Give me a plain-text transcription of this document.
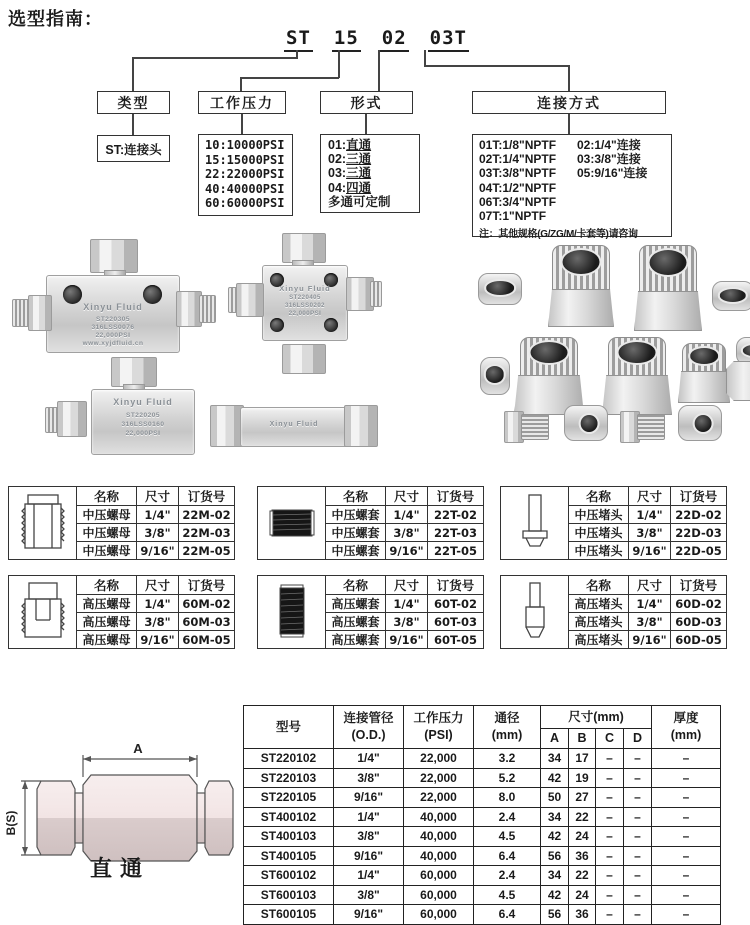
选型指南：
ST 15 02 03T
类型	工作压力	形式	连接方式
ST:连接头	10:10000PSI
15:15000PSI
22:22000PSI
40:40000PSI
60:60000PSI
01:直通
02:三通
03:三通
04:四通
多通可定制
01T:1/8"NPTF
02T:1/4"NPTF
03T:3/8"NPTF
04T:1/2"NPTF
06T:3/4"NPTF
07T:1"NPTF
02:1/4"连接
03:3/8"连接
05:9/16"连接
注：其他规格(G/ZG/M/卡套等)请咨询
Xinyu Fluid
ST220305
316LSS0076
22,000PSI
www.xyjdfluid.cn
Xinyu Fluid
ST220405
316LSS0202
22,000PSI
Xinyu Fluid
ST220205
316LSS0160
22,000PSI
Xinyu Fluid
	名称	尺寸	订货号
	中压螺母	1/4"	22M-02
	中压螺母	3/8"	22M-03
	中压螺母	9/16"	22M-05
	名称	尺寸	订货号
	中压螺套	1/4"	22T-02
	中压螺套	3/8"	22T-03
	中压螺套	9/16"	22T-05
	名称	尺寸	订货号
	中压堵头	1/4"	22D-02
	中压堵头	3/8"	22D-03
	中压堵头	9/16"	22D-05
	名称	尺寸	订货号
	高压螺母	1/4"	60M-02
	高压螺母	3/8"	60M-03
	高压螺母	9/16"	60M-05
	名称	尺寸	订货号
	高压螺套	1/4"	60T-02
	高压螺套	3/8"	60T-03
	高压螺套	9/16"	60T-05
	名称	尺寸	订货号
	高压堵头	1/4"	60D-02
	高压堵头	3/8"	60D-03
	高压堵头	9/16"	60D-05
A
B(S)
直通
型号

连接管径
(O.D.)

工作压力
(PSI)

通径
(mm)
	尺寸(mm)	厚度
(mm)

				A	B	C	D	
ST220102	1/4"	22,000	3.2	34	17	–	–	–
ST220103	3/8"	22,000	5.2	42	19	–	–	–
ST220105	9/16"	22,000	8.0	50	27	–	–	–
ST400102	1/4"	40,000	2.4	34	22	–	–	–
ST400103	3/8"	40,000	4.5	42	24	–	–	–
ST400105	9/16"	40,000	6.4	56	36	–	–	–
ST600102	1/4"	60,000	2.4	34	22	–	–	–
ST600103	3/8"	60,000	4.5	42	24	–	–	–
ST600105	9/16"	60,000	6.4	56	36	–	–	–
